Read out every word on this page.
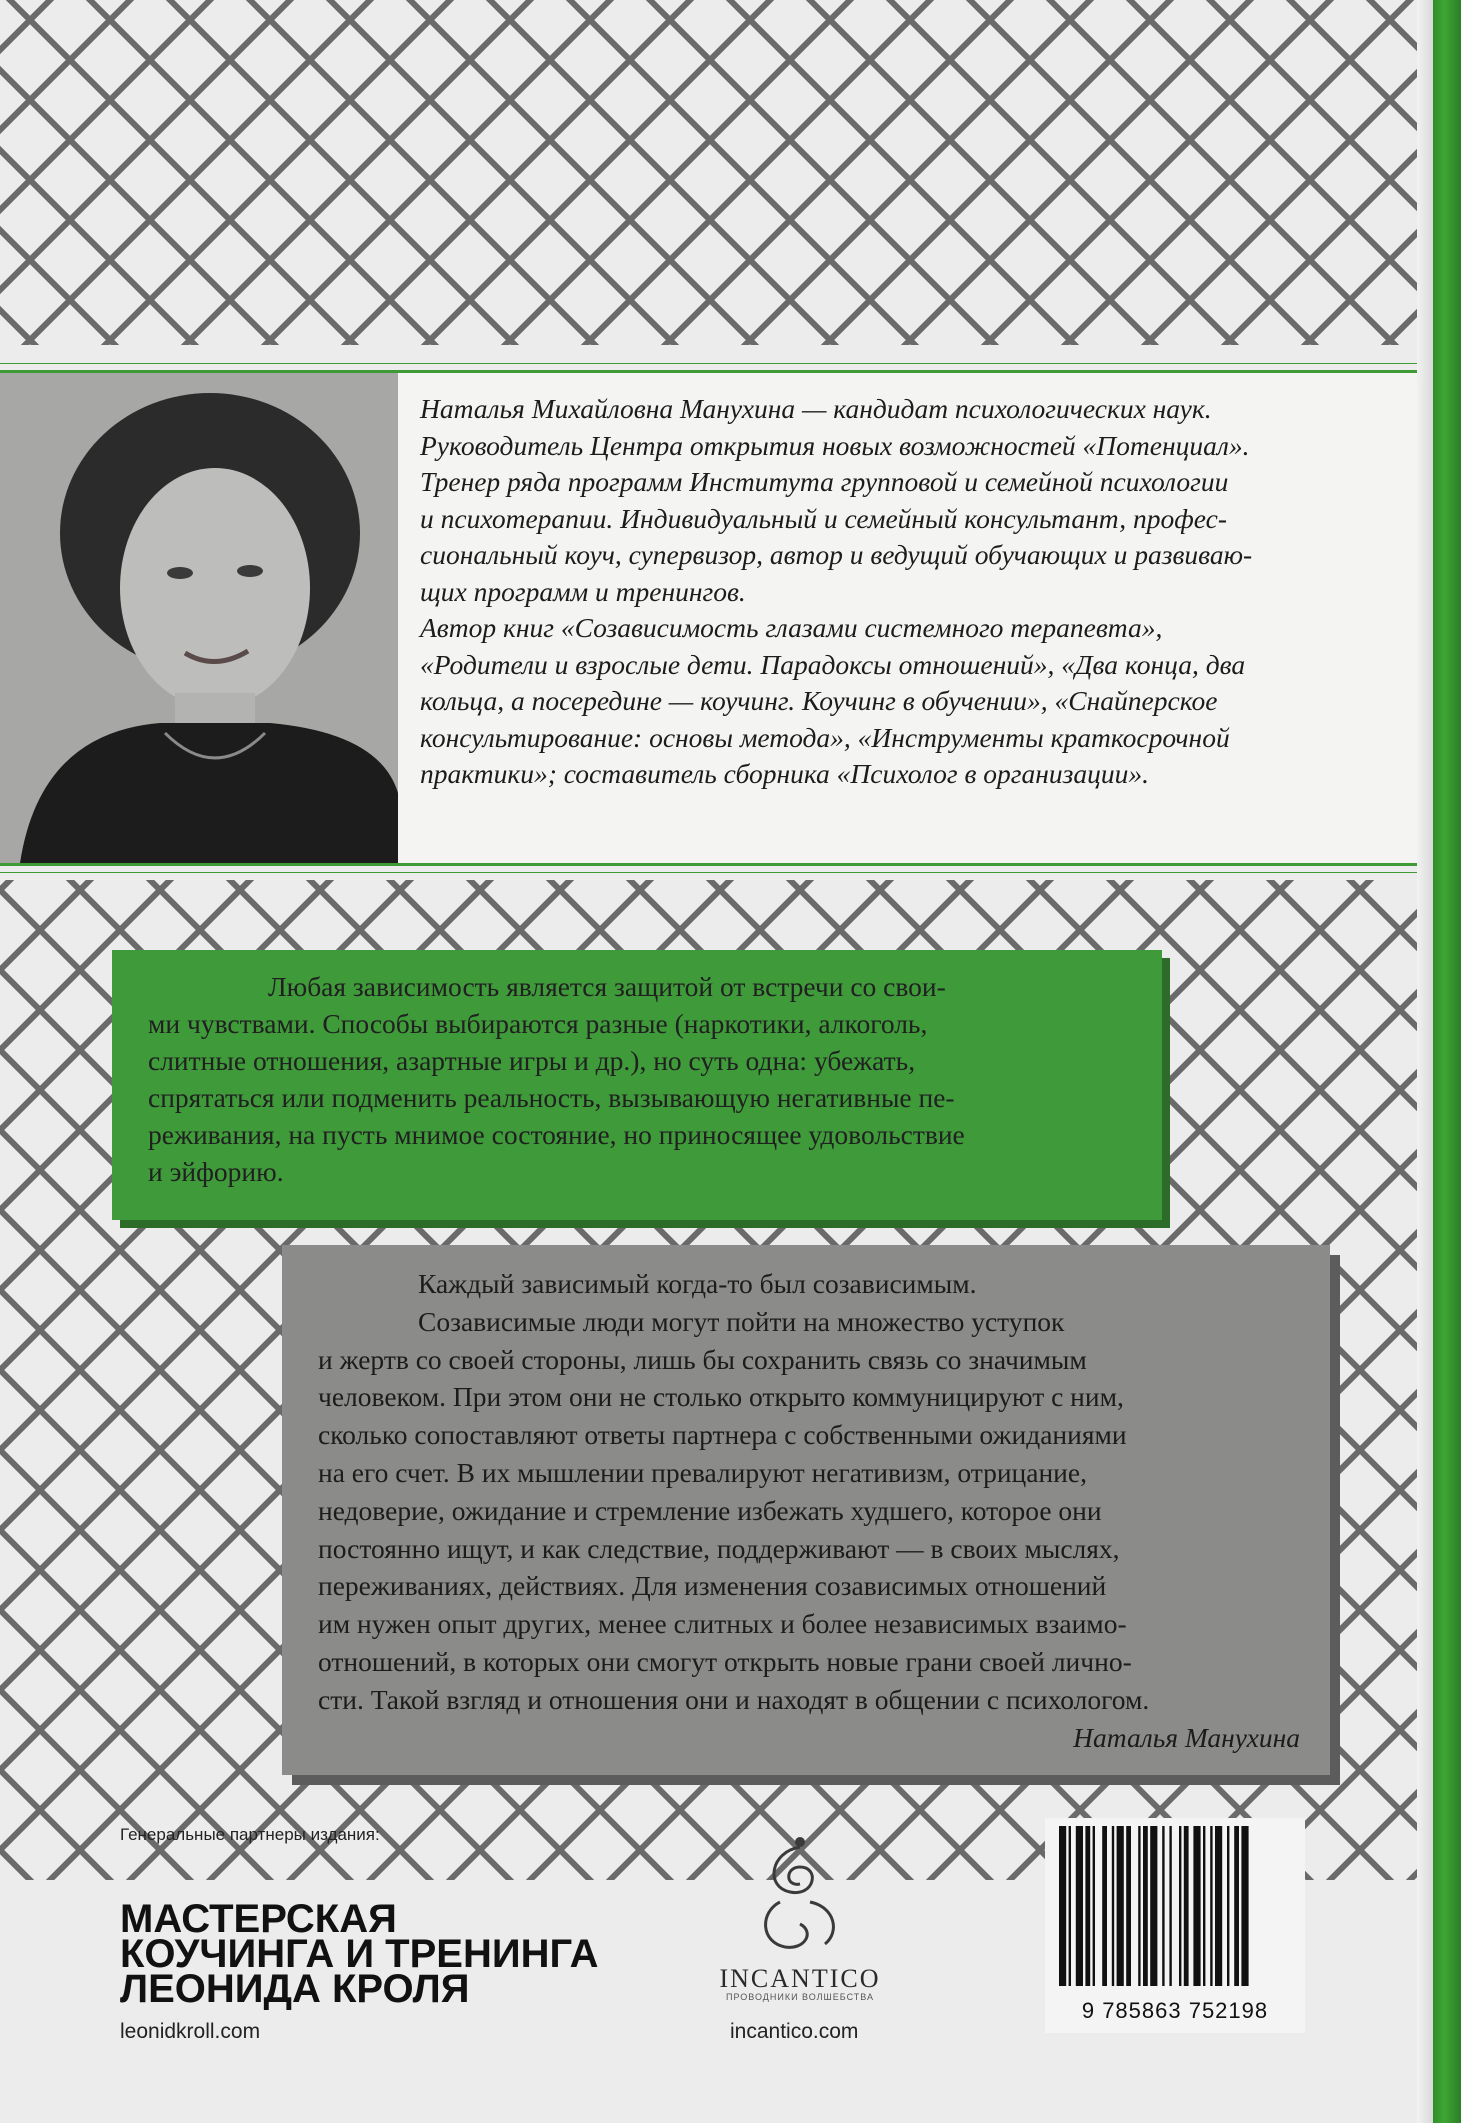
Наталья Михайловна Манухина — кандидат психологических наук.

Руководитель Центра открытия новых возможностей «Потенциал».

Тренер ряда программ Института групповой и семейной психологии

и психотерапии. Индивидуальный и семейный консультант, профес-

сиональный коуч, супервизор, автор и ведущий обучающих и развиваю-

щих программ и тренингов.

Автор книг «Созависимость глазами системного терапевта»,

«Родители и взрослые дети. Парадоксы отношений», «Два конца, два

кольца, а посередине — коучинг. Коучинг в обучении», «Снайперское

консультирование: основы метода», «Инструменты краткосрочной

практики»; составитель сборника «Психолог в организации».

Любая зависимость является защитой от встречи со свои-
ми чувствами. Способы выбираются разные (наркотики, алкоголь,
слитные отношения, азартные игры и др.), но суть одна: убежать,
спрятаться или подменить реальность, вызывающую негативные пе-
реживания, на пусть мнимое состояние, но приносящее удовольствие
и эйфорию.
Каждый зависимый когда-то был созависимым.
Созависимые люди могут пойти на множество уступок
и жертв со своей стороны, лишь бы сохранить связь со значимым
человеком. При этом они не столько открыто коммуницируют с ним,
сколько сопоставляют ответы партнера с собственными ожиданиями
на его счет. В их мышлении превалируют негативизм, отрицание,
недоверие, ожидание и стремление избежать худшего, которое они
постоянно ищут, и как следствие, поддерживают — в своих мыслях,
переживаниях, действиях. Для изменения созависимых отношений
им нужен опыт других, менее слитных и более независимых взаимо-
отношений, в которых они смогут открыть новые грани своей лично-
сти. Такой взгляд и отношения они и находят в общении с психологом.
Наталья Манухина
Генеральные партнеры издания:
МАСТЕРСКАЯ
КОУЧИНГА И ТРЕНИНГА
ЛЕОНИДА КРОЛЯ
leonidkroll.com
INCANTICO
ПРОВОДНИКИ ВОЛШЕБСТВА
incantico.com
9 785863 752198
